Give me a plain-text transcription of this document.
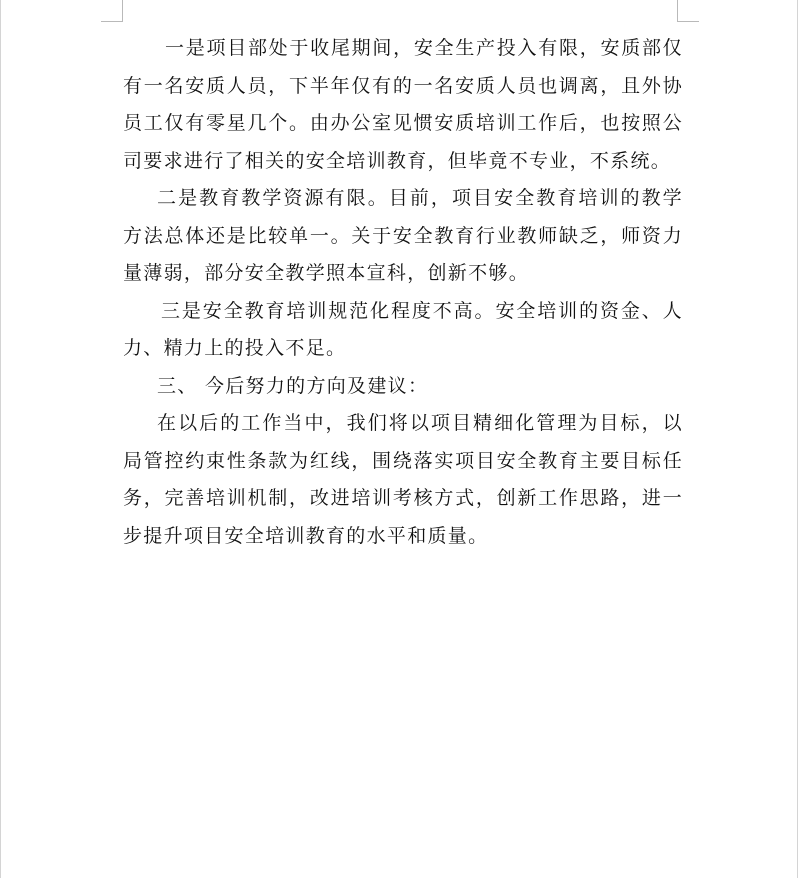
一是项目部处于收尾期间，安全生产投入有限，安质部仅有一名安质人员，下半年仅有的一名安质人员也调离，且外协员工仅有零星几个。由办公室见惯安质培训工作后，也按照公司要求进行了相关的安全培训教育，但毕竟不专业，不系统。

二是教育教学资源有限。目前，项目安全教育培训的教学方法总体还是比较单一。关于安全教育行业教师缺乏，师资力量薄弱，部分安全教学照本宣科，创新不够。

三是安全教育培训规范化程度不高。安全培训的资金、人力、精力上的投入不足。

三、 今后努力的方向及建议：

在以后的工作当中，我们将以项目精细化管理为目标，以局管控约束性条款为红线，围绕落实项目安全教育主要目标任务，完善培训机制，改进培训考核方式，创新工作思路，进一步提升项目安全培训教育的水平和质量。
